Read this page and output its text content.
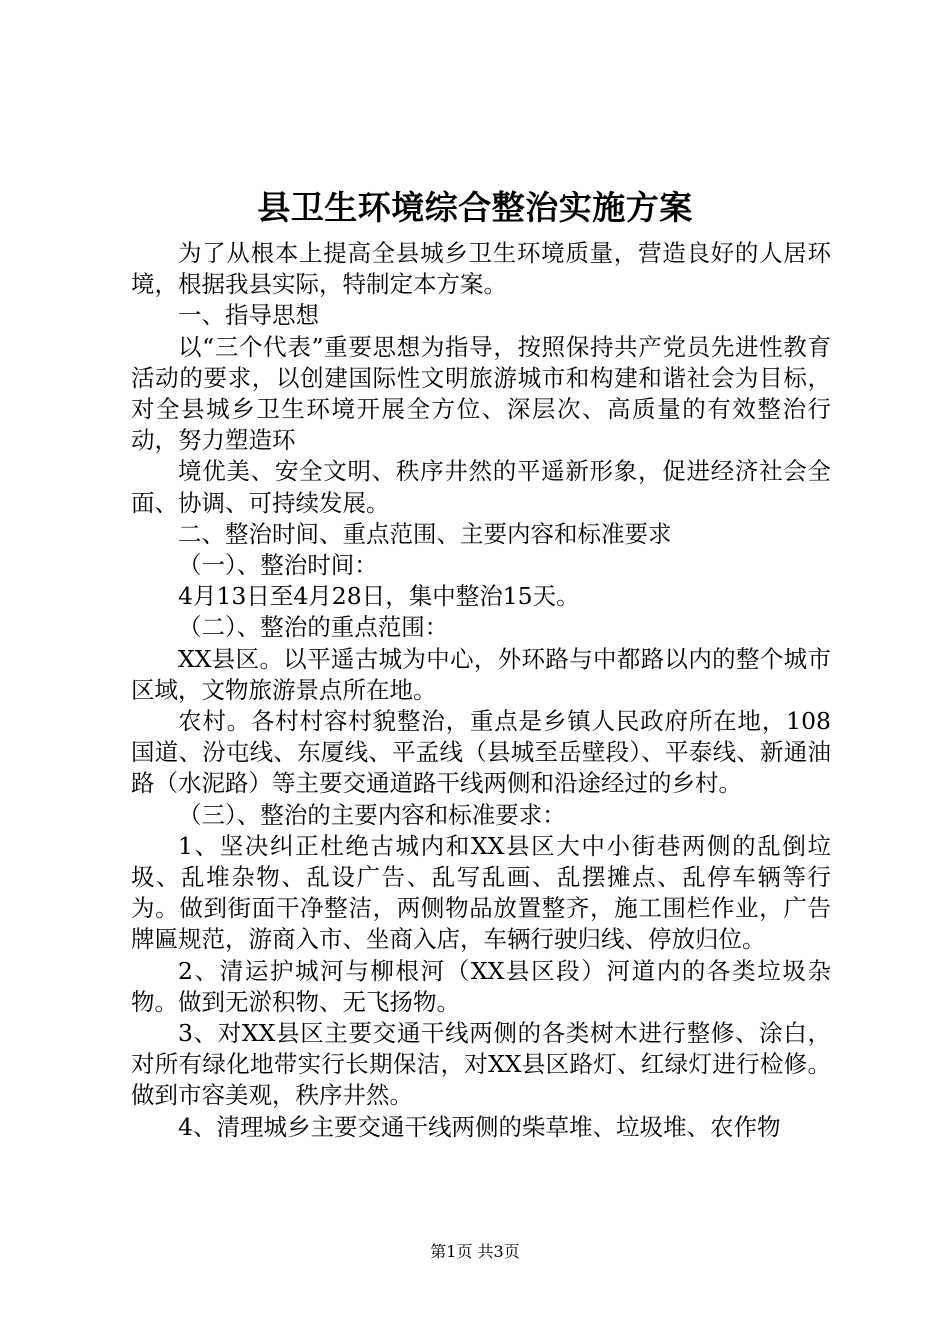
县卫生环境综合整治实施方案

为了从根本上提高全县城乡卫生环境质量，营造良好的人居环境，根据我县实际，特制定本方案。

一、指导思想

以“三个代表”重要思想为指导，按照保持共产党员先进性教育活动的要求，以创建国际性文明旅游城市和构建和谐社会为目标，对全县城乡卫生环境开展全方位、深层次、高质量的有效整治行动，努力塑造环

境优美、安全文明、秩序井然的平遥新形象，促进经济社会全面、协调、可持续发展。

二、整治时间、重点范围、主要内容和标准要求

（一）、整治时间：

4月13日至4月28日，集中整治15天。

（二）、整治的重点范围：

XX县区。以平遥古城为中心，外环路与中都路以内的整个城市区域，文物旅游景点所在地。

农村。各村村容村貌整治，重点是乡镇人民政府所在地，108国道、汾屯线、东厦线、平孟线（县城至岳壁段）、平泰线、新通油路（水泥路）等主要交通道路干线两侧和沿途经过的乡村。

（三）、整治的主要内容和标准要求：

1、坚决纠正杜绝古城内和XX县区大中小街巷两侧的乱倒垃圾、乱堆杂物、乱设广告、乱写乱画、乱摆摊点、乱停车辆等行为。做到街面干净整洁，两侧物品放置整齐，施工围栏作业，广告牌匾规范，游商入市、坐商入店，车辆行驶归线、停放归位。

2、清运护城河与柳根河（XX县区段）河道内的各类垃圾杂物。做到无淤积物、无飞扬物。

3、对XX县区主要交通干线两侧的各类树木进行整修、涂白，对所有绿化地带实行长期保洁，对XX县区路灯、红绿灯进行检修。做到市容美观，秩序井然。

4、清理城乡主要交通干线两侧的柴草堆、垃圾堆、农作物

第1页 共3页
